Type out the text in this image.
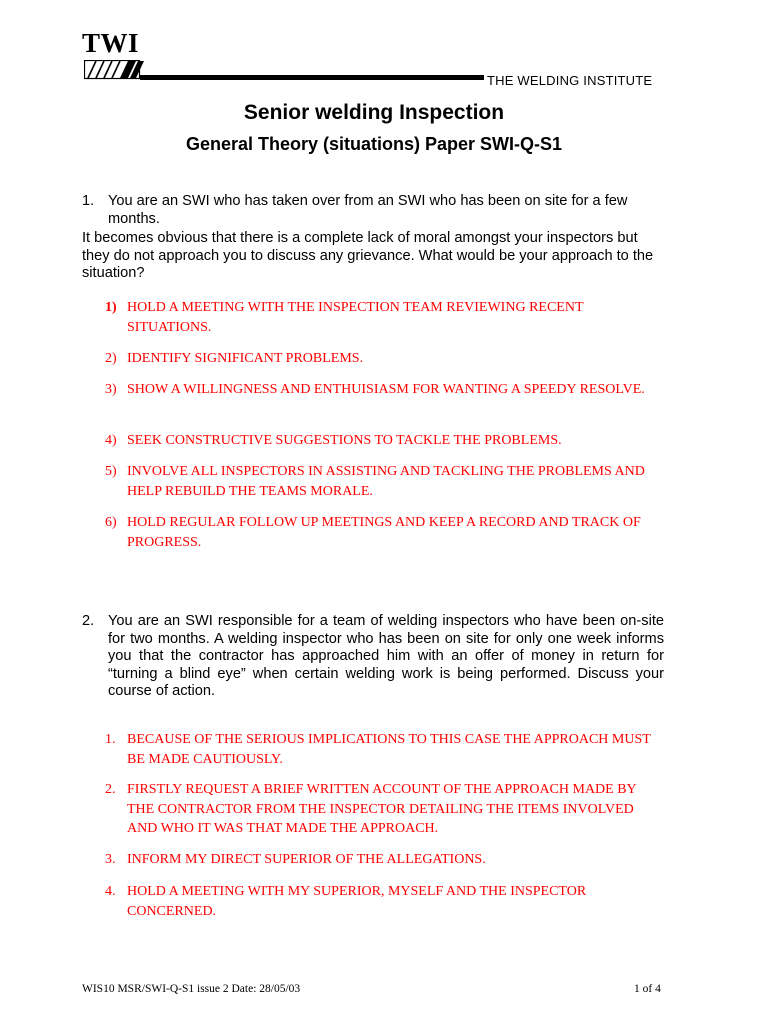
TWI
THE WELDING INSTITUTE
Senior welding Inspection
General Theory (situations) Paper SWI-Q-S1
1. You are an SWI who has taken over from an SWI who has been on site for a few months.
It becomes obvious that there is a complete lack of moral amongst your inspectors but they do not approach you to discuss any grievance. What would be your approach to the situation?
1) HOLD A MEETING WITH THE INSPECTION TEAM REVIEWING RECENT SITUATIONS.
2) IDENTIFY SIGNIFICANT PROBLEMS.
3) SHOW A WILLINGNESS AND ENTHUISIASM FOR WANTING A SPEEDY RESOLVE.
4) SEEK CONSTRUCTIVE SUGGESTIONS TO TACKLE THE PROBLEMS.
5) INVOLVE ALL INSPECTORS IN ASSISTING AND TACKLING THE PROBLEMS AND HELP REBUILD THE TEAMS MORALE.
6) HOLD REGULAR FOLLOW UP MEETINGS AND KEEP A RECORD AND TRACK OF PROGRESS.
2. You are an SWI responsible for a team of welding inspectors who have been on-site for two months. A welding inspector who has been on site for only one week informs you that the contractor has approached him with an offer of money in return for “turning a blind eye” when certain welding work is being performed. Discuss your course of action.
1. BECAUSE OF THE SERIOUS IMPLICATIONS TO THIS CASE THE APPROACH MUST BE MADE CAUTIOUSLY.
2. FIRSTLY REQUEST A BRIEF WRITTEN ACCOUNT OF THE APPROACH MADE BY THE CONTRACTOR FROM THE INSPECTOR DETAILING THE ITEMS INVOLVED AND WHO IT WAS THAT MADE THE APPROACH.
3. INFORM MY DIRECT SUPERIOR OF THE ALLEGATIONS.
4. HOLD A MEETING WITH MY SUPERIOR, MYSELF AND THE INSPECTOR CONCERNED.
WIS10 MSR/SWI-Q-S1 issue 2 Date: 28/05/03	1 of 4
